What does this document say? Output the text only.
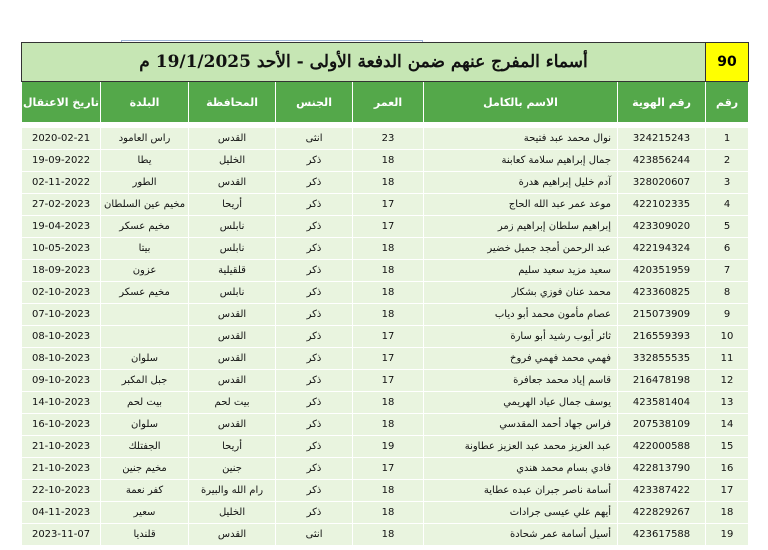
90	أسماء المفرج عنهم ضمن الدفعة الأولى - الأحد 19/1/2025 م						
رقم	رقم الهوية	الاسم بالكامل	العمر	الجنس	المحافظة	البلدة	تاريخ الاعتقال

1	324215243	نوال محمد عبد فتيحة	23	انثى	القدس	راس العامود	2020-02-21
2	423856244	جمال إبراهيم سلامة كعابنة	18	ذكر	الخليل	يطا	19-09-2022
3	328020607	آدم خليل إبراهيم هدرة	18	ذكر	القدس	الطور	02-11-2022
4	422102335	موعد عمر عبد الله الحاج	17	ذكر	أريحا	مخيم عين السلطان	27-02-2023
5	423309020	إبراهيم سلطان إبراهيم زمر	17	ذكر	نابلس	مخيم عسكر	19-04-2023
6	422194324	عبد الرحمن أمجد جميل خضير	18	ذكر	نابلس	بيتا	10-05-2023
7	420351959	سعيد مزيد سعيد سليم	18	ذكر	قلقيلية	عزون	18-09-2023
8	423360825	محمد عنان فوزي بشكار	18	ذكر	نابلس	مخيم عسكر	02-10-2023
9	215073909	عصام مأمون محمد أبو دياب	18	ذكر	القدس		07-10-2023
10	216559393	ثائر أيوب رشيد أبو سارة	17	ذكر	القدس		08-10-2023
11	332855535	فهمي محمد فهمي فروخ	17	ذكر	القدس	سلوان	08-10-2023
12	216478198	قاسم إياد محمد جعافرة	17	ذكر	القدس	جبل المكبر	09-10-2023
13	423581404	يوسف جمال عياد الهريمي	18	ذكر	بيت لحم	بيت لحم	14-10-2023
14	207538109	فراس جهاد أحمد المقدسي	18	ذكر	القدس	سلوان	16-10-2023
15	422000588	عبد العزيز محمد عبد العزيز عطاونة	19	ذكر	أريحا	الجفتلك	21-10-2023
16	422813790	فادي بسام محمد هندي	17	ذكر	جنين	مخيم جنين	21-10-2023
17	423387422	أسامة ناصر جبران عبده عطاية	18	ذكر	رام الله والبيرة	كفر نعمة	22-10-2023
18	422829267	أيهم علي عيسى جرادات	18	ذكر	الخليل	سعير	04-11-2023
19	423617588	أسيل أسامة عمر شحادة	18	انثى	القدس	قلنديا	2023-11-07
